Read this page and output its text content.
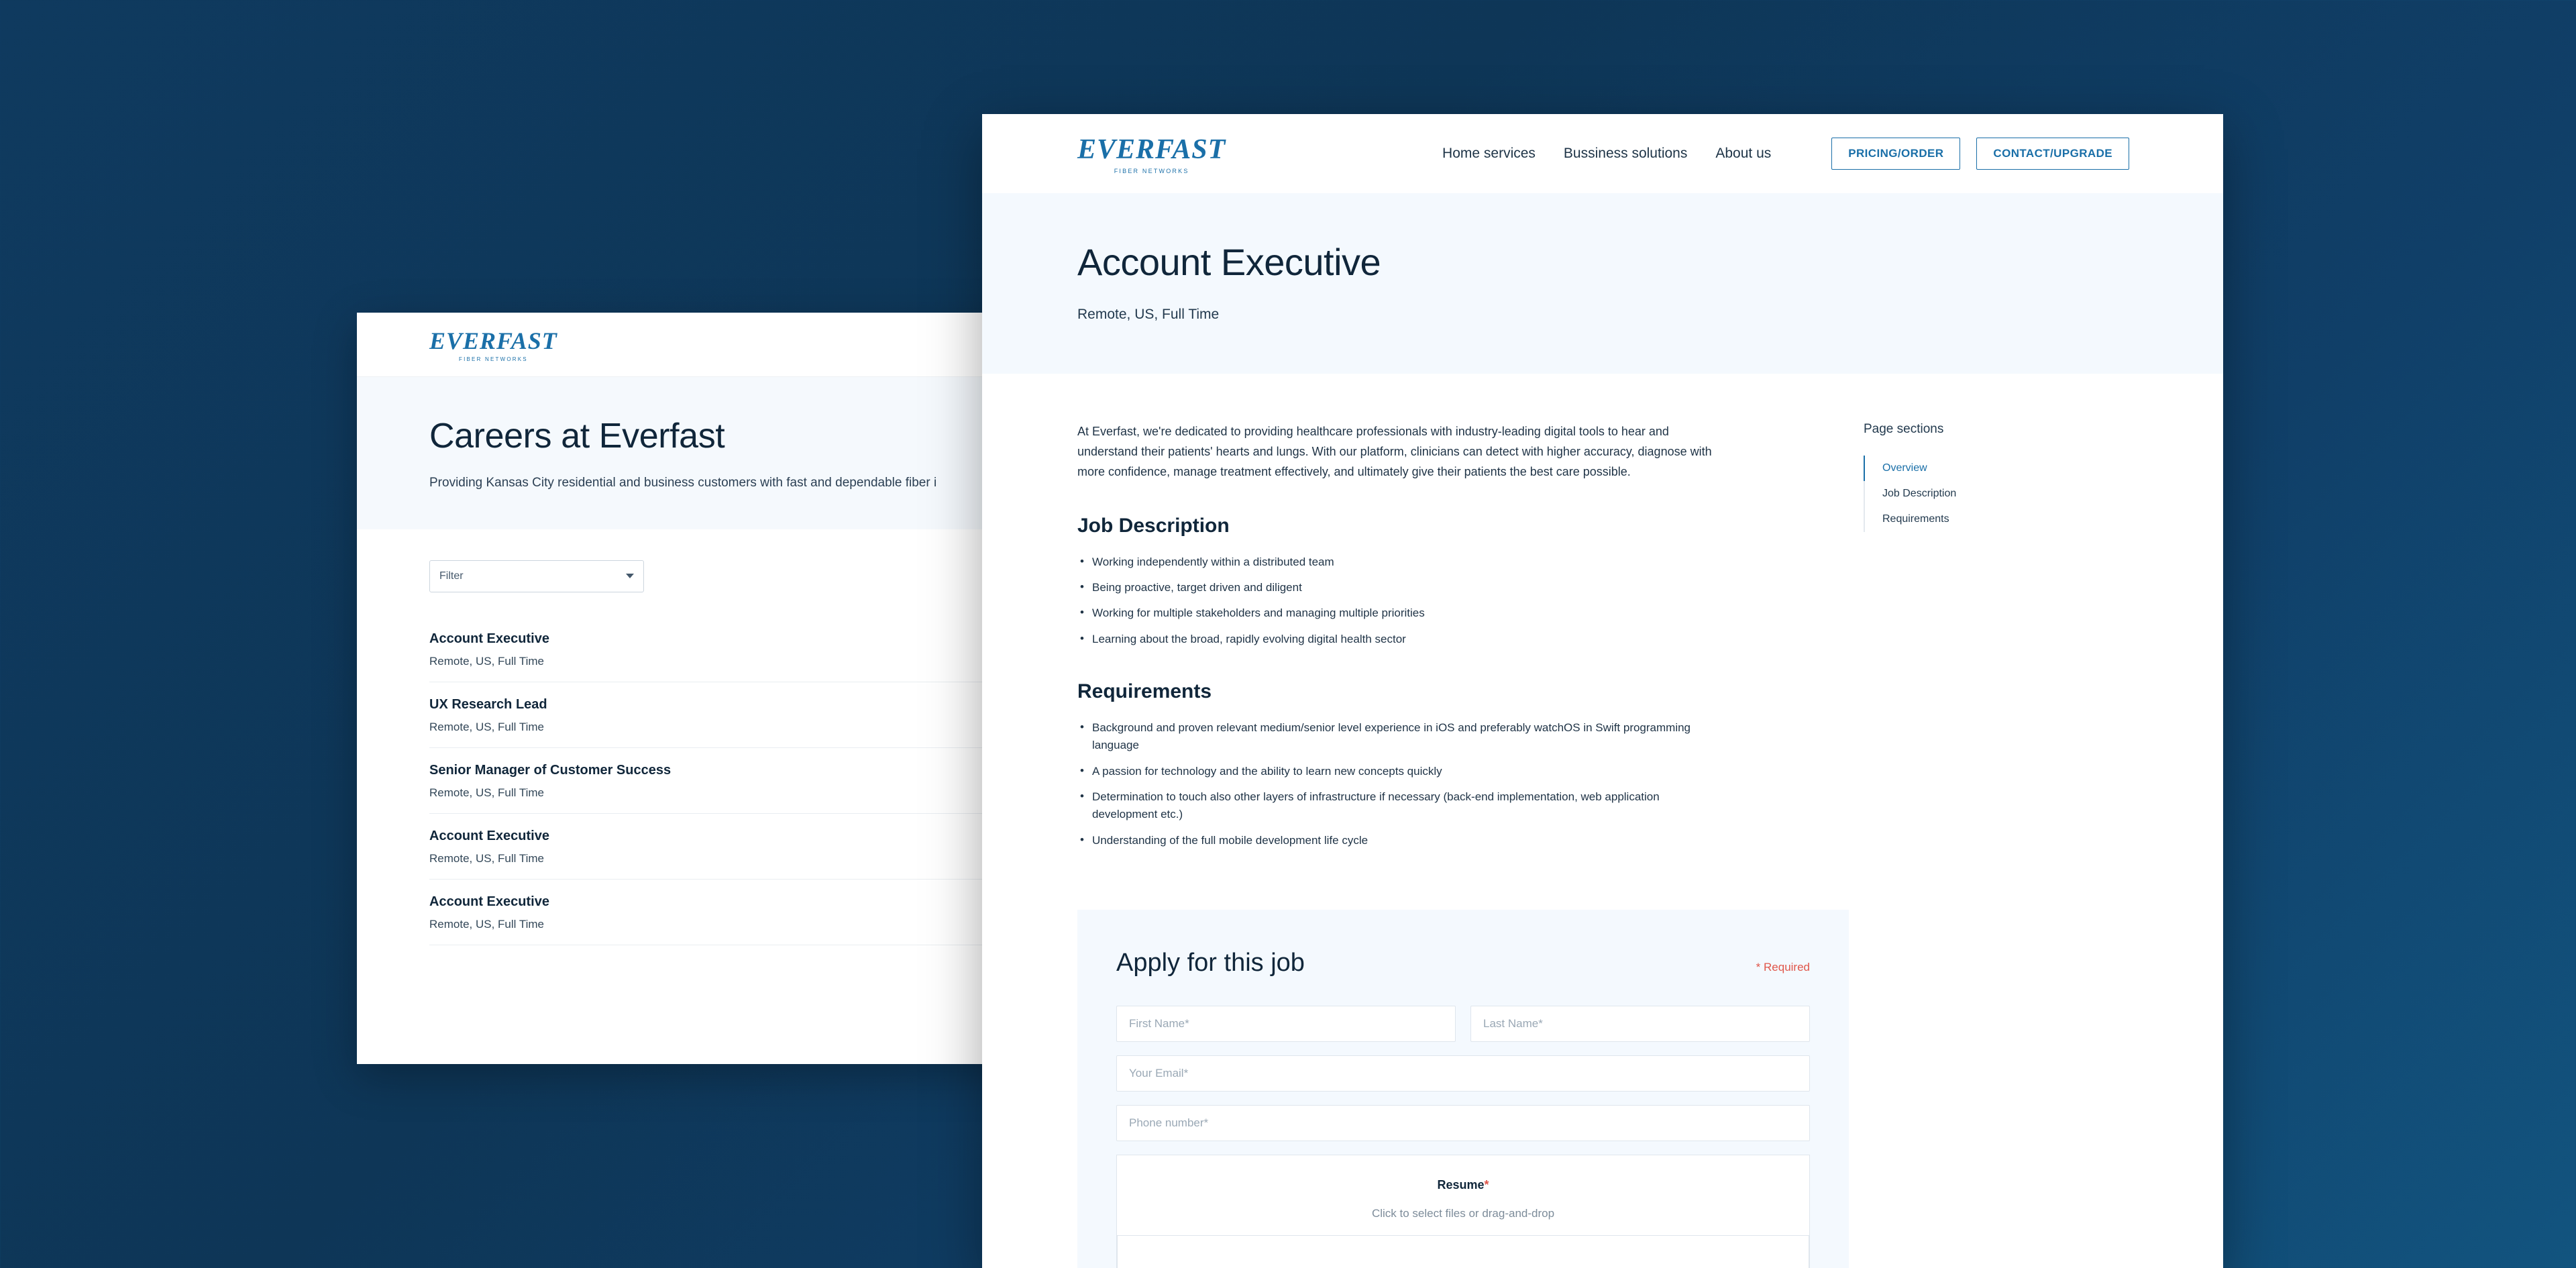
EVERFAST
FIBER NETWORKS
Careers at Everfast

Providing Kansas City residential and business customers with fast and dependable fiber i

Filter
Account Executive
Remote, US, Full Time
UX Research Lead
Remote, US, Full Time
Senior Manager of Customer Success
Remote, US, Full Time
Account Executive
Remote, US, Full Time
Account Executive
Remote, US, Full Time
EVERFAST
FIBER NETWORKS
Home services Bussiness solutions About us	PRICING/ORDER	CONTACT/UPGRADE
Account Executive
Remote, US, Full Time

At Everfast, we're dedicated to providing healthcare professionals with industry-leading digital tools to hear and understand their patients' hearts and lungs. With our platform, clinicians can detect with higher accuracy, diagnose with more confidence, manage treatment effectively, and ultimately give their patients the best care possible.

Job Description
• Working independently within a distributed team
• Being proactive, target driven and diligent
• Working for multiple stakeholders and managing multiple priorities
• Learning about the broad, rapidly evolving digital health sector
Requirements
• Background and proven relevant medium/senior level experience in iOS and preferably watchOS in Swift programming language
• A passion for technology and the ability to learn new concepts quickly
• Determination to touch also other layers of infrastructure if necessary (back-end implementation, web application development etc.)
• Understanding of the full mobile development life cycle
Page sections
Overview
Job Description
Requirements
Apply for this job	* Required
First Name*
Last Name*
Your Email*
Phone number*
Resume*
Click to select files or drag-and-drop
